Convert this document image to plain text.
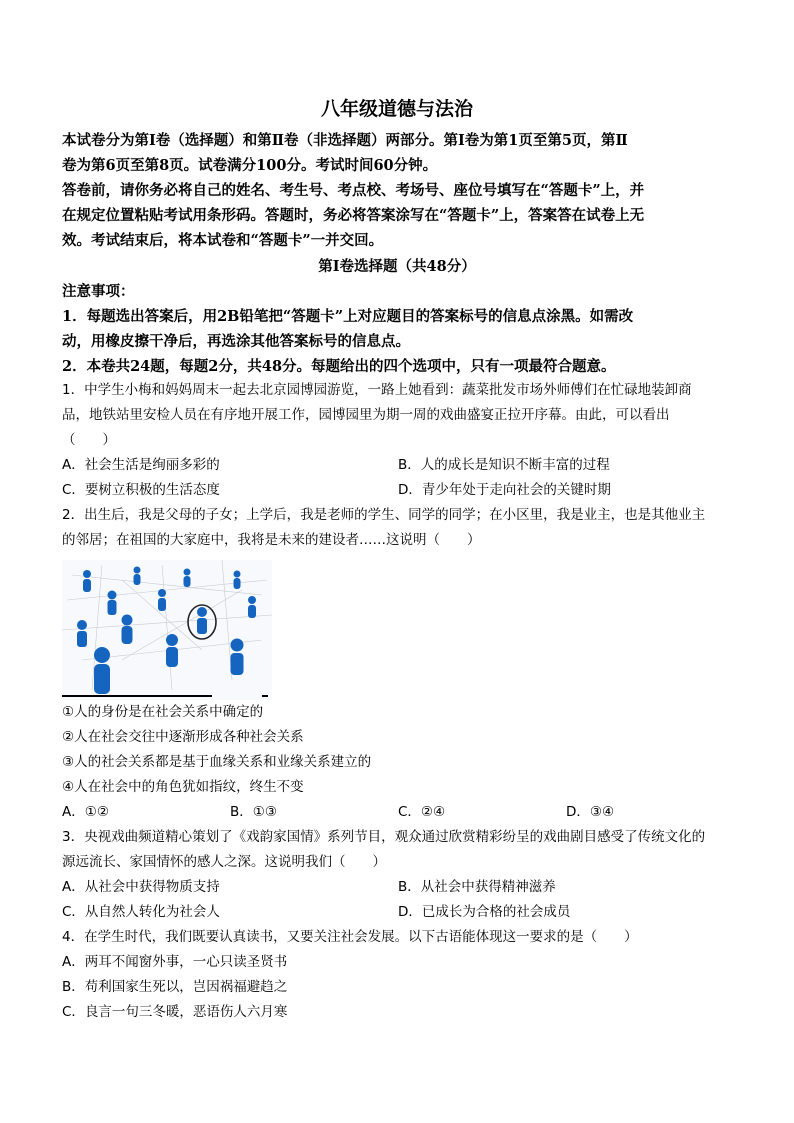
八年级道德与法治
本试卷分为第Ⅰ卷（选择题）和第Ⅱ卷（非选择题）两部分。第Ⅰ卷为第1页至第5页，第Ⅱ
卷为第6页至第8页。试卷满分100分。考试时间60分钟。
答卷前，请你务必将自己的姓名、考生号、考点校、考场号、座位号填写在“答题卡”上，并
在规定位置粘贴考试用条形码。答题时，务必将答案涂写在“答题卡”上，答案答在试卷上无
效。考试结束后，将本试卷和“答题卡”一并交回。
第Ⅰ卷选择题（共48分）
注意事项：
1．每题选出答案后，用2B铅笔把“答题卡”上对应题目的答案标号的信息点涂黑。如需改
动，用橡皮擦干净后，再选涂其他答案标号的信息点。
2．本卷共24题，每题2分，共48分。每题给出的四个选项中，只有一项最符合题意。
1．中学生小梅和妈妈周末一起去北京园博园游览，一路上她看到：蔬菜批发市场外师傅们在忙碌地装卸商
品，地铁站里安检人员在有序地开展工作，园博园里为期一周的戏曲盛宴正拉开序幕。由此，可以看出
（　　）
A．社会生活是绚丽多彩的	B．人的成长是知识不断丰富的过程
C．要树立积极的生活态度	D．青少年处于走向社会的关键时期
2．出生后，我是父母的子女；上学后，我是老师的学生、同学的同学；在小区里，我是业主，也是其他业主
的邻居；在祖国的大家庭中，我将是未来的建设者……这说明（　　）
①人的身份是在社会关系中确定的
②人在社会交往中逐渐形成各种社会关系
③人的社会关系都是基于血缘关系和业缘关系建立的
④人在社会中的角色犹如指纹，终生不变
A．①②	B．①③	C．②④	D．③④
3．央视戏曲频道精心策划了《戏韵家国情》系列节目，观众通过欣赏精彩纷呈的戏曲剧目感受了传统文化的
源远流长、家国情怀的感人之深。这说明我们（　　）
A．从社会中获得物质支持	B．从社会中获得精神滋养
C．从自然人转化为社会人	D．已成长为合格的社会成员
4．在学生时代，我们既要认真读书，又要关注社会发展。以下古语能体现这一要求的是（　　）
A．两耳不闻窗外事，一心只读圣贤书
B．苟利国家生死以，岂因祸福避趋之
C．良言一句三冬暖，恶语伤人六月寒
